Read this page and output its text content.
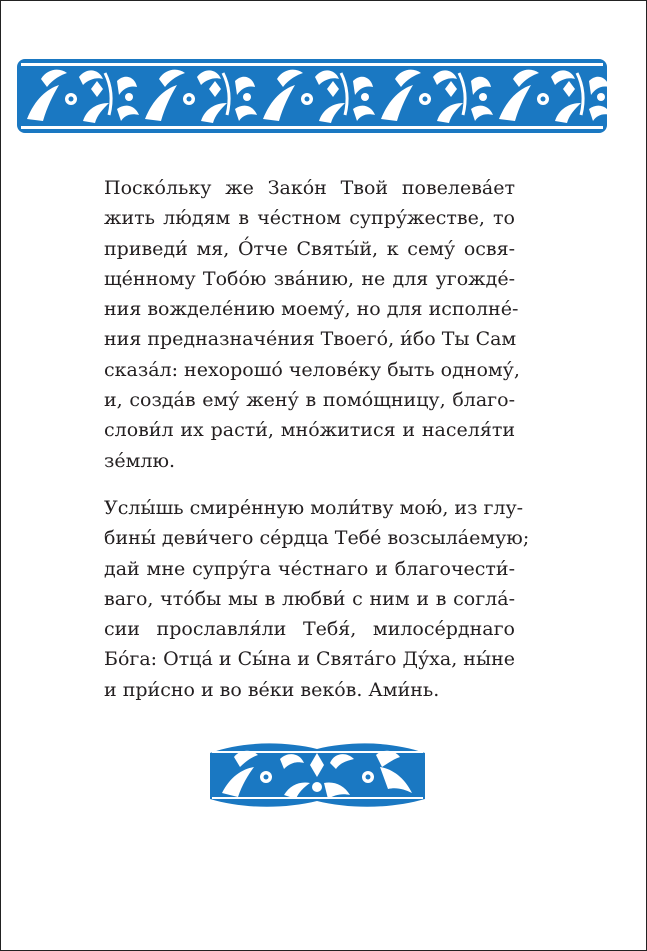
Поско́льку же Зако́н Твой повелева́ет
жить лю́дям в че́стном супру́жестве, то
приведи́ мя, О́тче Святы́й, к сему́ освя-
ще́нному Тобо́ю зва́нию, не для угожде́-
ния вожделе́нию моему́, но для исполне́-
ния предназначе́ния Твоего́, и́бо Ты Сам
сказа́л: нехорошо́ челове́ку быть одному́,
и, созда́в ему́ жену́ в помо́щницу, благо-
слови́л их расти́, мно́житися и населя́ти
зе́млю.

Услы́шь смире́нную моли́тву мою́, из глу-
бины́ деви́чего се́рдца Тебе́ возсыла́емую;
дай мне супру́га че́стнаго и благочести́-
ваго, что́бы мы в любви́ с ним и в согла́-
сии прославля́ли Тебя́, милосе́рднаго
Бо́га: Отца́ и Сы́на и Свята́го Ду́ха, ны́не
и при́сно и во ве́ки веко́в. Ами́нь.
